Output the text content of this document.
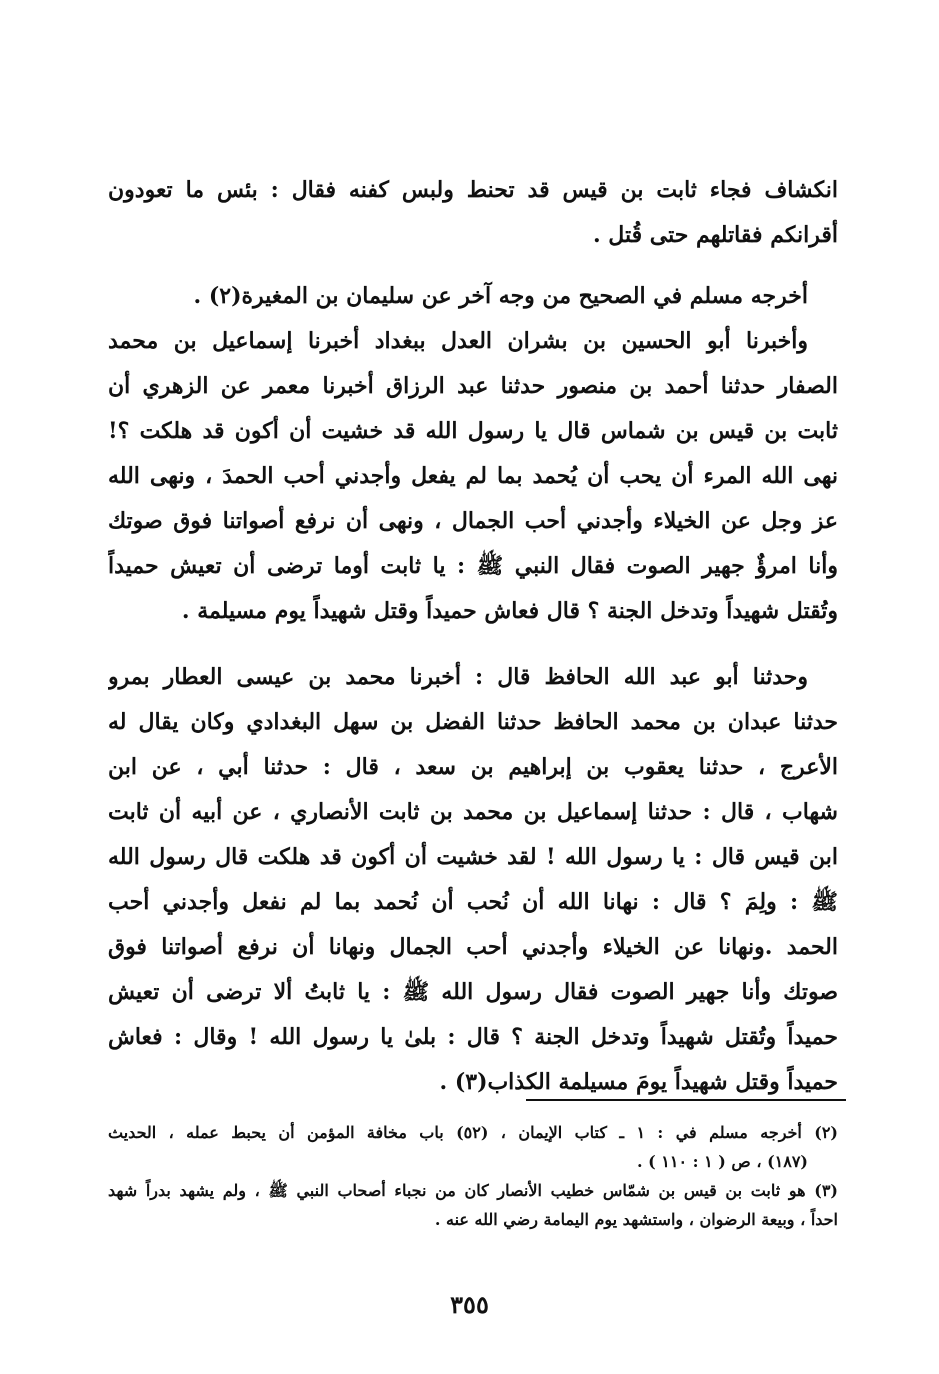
انكشاف فجاء ثابت بن قيس قد تحنط ولبس كفنه فقال : بئس ما تعودون
أقرانكم فقاتلهم حتى قُتل .
أخرجه مسلم في الصحيح من وجه آخر عن سليمان بن المغيرة(٢) .
وأخبرنا أبو الحسين بن بشران العدل ببغداد أخبرنا إسماعيل بن محمد
الصفار حدثنا أحمد بن منصور حدثنا عبد الرزاق أخبرنا معمر عن الزهري أن
ثابت بن قيس بن شماس قال يا رسول الله قد خشيت أن أكون قد هلكت ؟!
نهى الله المرء أن يحب أن يُحمد بما لم يفعل وأجدني أحب الحمدَ ، ونهى الله
عز وجل عن الخيلاء وأجدني أحب الجمال ، ونهى أن نرفع أصواتنا فوق صوتك
وأنا امرؤٌ جهير الصوت فقال النبي ﷺ : يا ثابت أوما ترضى أن تعيش حميداً
وتُقتل شهيداً وتدخل الجنة ؟ قال فعاش حميداً وقتل شهيداً يوم مسيلمة .
وحدثنا أبو عبد الله الحافظ قال : أخبرنا محمد بن عيسى العطار بمرو
حدثنا عبدان بن محمد الحافظ حدثنا الفضل بن سهل البغدادي وكان يقال له
الأعرج ، حدثنا يعقوب بن إبراهيم بن سعد ، قال : حدثنا أبي ، عن ابن
شهاب ، قال : حدثنا إسماعيل بن محمد بن ثابت الأنصاري ، عن أبيه أن ثابت
ابن قيس قال : يا رسول الله ! لقد خشيت أن أكون قد هلكت قال رسول الله
ﷺ : ولِمَ ؟ قال : نهانا الله أن نُحب أن نُحمد بما لم نفعل وأجدني أحب
الحمد .ونهانا عن الخيلاء وأجدني أحب الجمال ونهانا أن نرفع أصواتنا فوق
صوتك وأنا جهير الصوت فقال رسول الله ﷺ : يا ثابتُ ألا ترضى أن تعيش
حميداً وتُقتل شهيداً وتدخل الجنة ؟ قال : بلىٰ يا رسول الله ! وقال : فعاش
حميداً وقتل شهيداً يومَ مسيلمة الكذاب(٣) .
(٢) أخرجه مسلم في : ١ ـ كتاب الإيمان ، (٥٢) باب مخافة المؤمن أن يحبط عمله ، الحديث
(١٨٧) ، ص ( ١ : ١١٠ ) .
(٣) هو ثابت بن قيس بن شمّاس خطيب الأنصار كان من نجباء أصحاب النبي ﷺ ، ولم يشهد بدراً شهد
احداً ، وبيعة الرضوان ، واستشهد يوم اليمامة رضي الله عنه .
٣٥٥
